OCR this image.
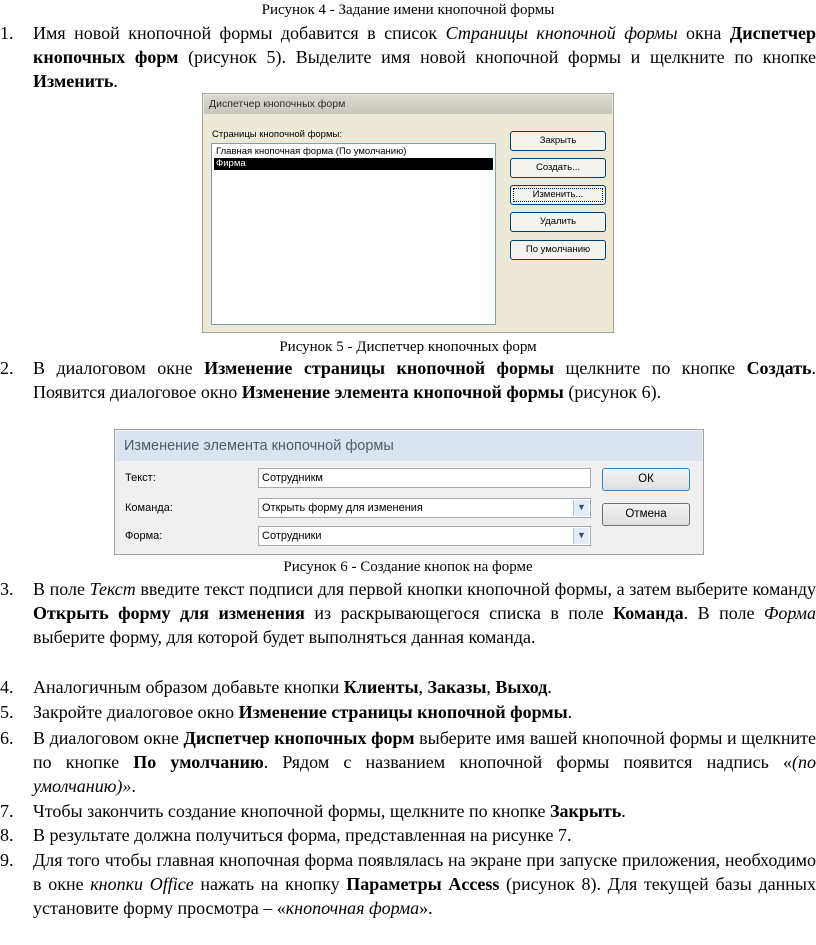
Рисунок 4 - Задание имени кнопочной формы
1.	Имя новой кнопочной формы добавится в список Страницы кнопочной формы окна Диспетчер кнопочных форм (рисунок 5). Выделите имя новой кнопочной формы и щелкните по кнопке Изменить.
Диспетчер кнопочных форм
Страницы кнопочной формы:
Главная кнопочная форма (По умолчанию)
Фирма
Закрыть
Создать...
Изменить...
Удалить
По умолчанию
Рисунок 5 - Диспетчер кнопочных форм
2.	В диалоговом окне Изменение страницы кнопочной формы щелкните по кнопке Создать. Появится диалоговое окно Изменение элемента кнопочной формы (рисунок 6).
Изменение элемента кнопочной формы
Текст:	Сотрудникм
Команда:	Открыть форму для изменения	▼
Форма:	Сотрудники	▼
ОК
Отмена
Рисунок 6 - Создание кнопок на форме
3.	В поле Текст введите текст подписи для первой кнопки кнопочной формы, а затем выберите команду Открыть форму для изменения из раскрывающегося списка в поле Команда. В поле Форма выберите форму, для которой будет выполняться данная команда.
4.	Аналогичным образом добавьте кнопки Клиенты, Заказы, Выход.
5.	Закройте диалоговое окно Изменение страницы кнопочной формы.
6.	В диалоговом окне Диспетчер кнопочных форм выберите имя вашей кнопочной формы и щелкните по кнопке По умолчанию. Рядом с названием кнопочной формы появится надпись «(по умолчанию)».
7.	Чтобы закончить создание кнопочной формы, щелкните по кнопке Закрыть.
8.	В результате должна получиться форма, представленная на рисунке 7.
9.	Для того чтобы главная кнопочная форма появлялась на экране при запуске приложения, необходимо в окне кнопки Office нажать на кнопку Параметры Access (рисунок 8). Для текущей базы данных установите форму просмотра – «кнопочная форма».
